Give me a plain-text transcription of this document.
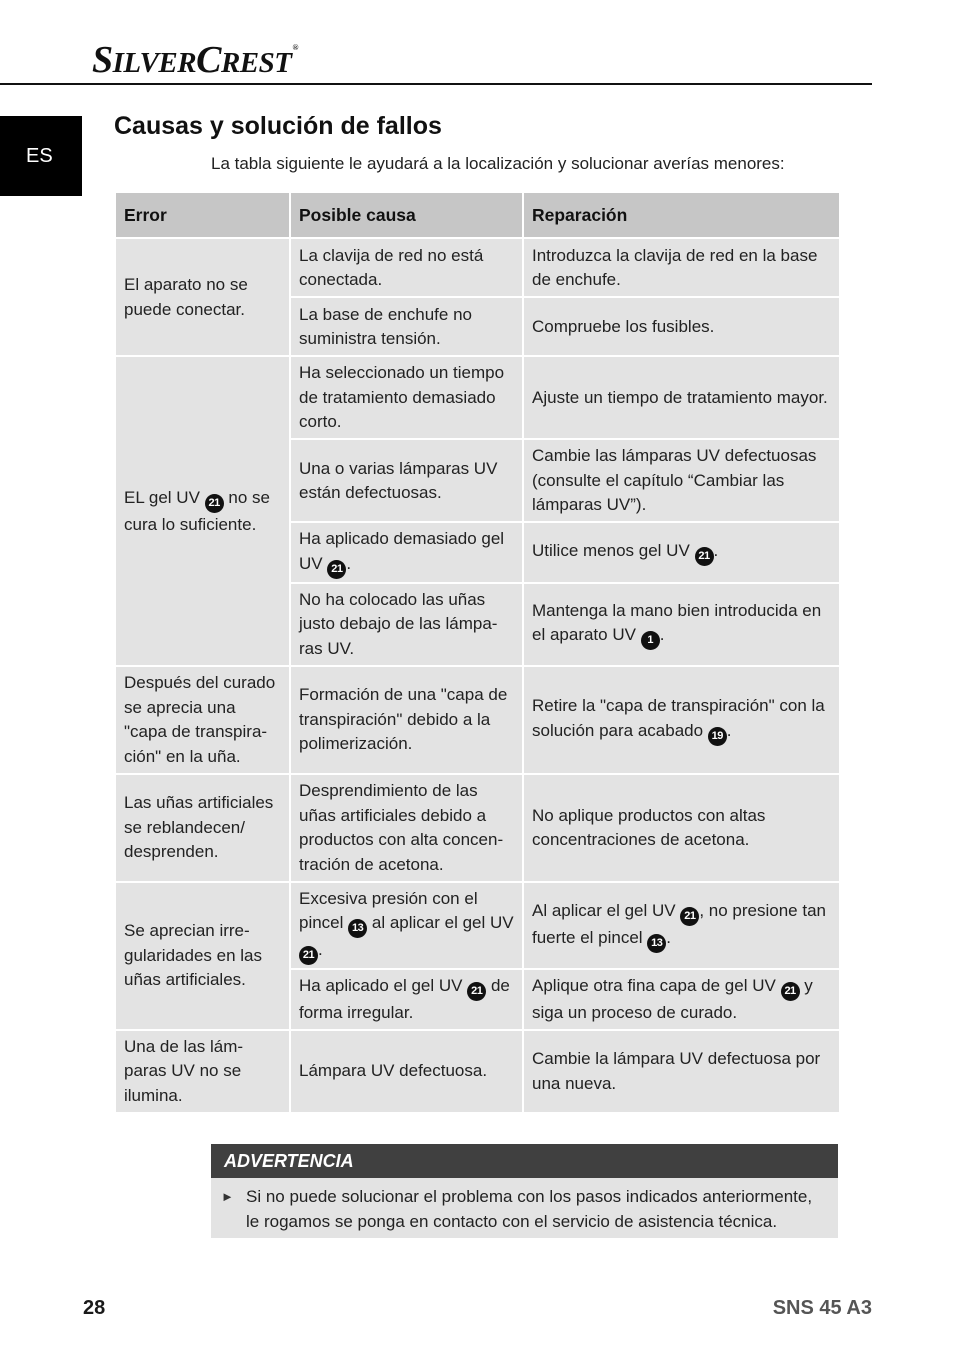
SILVERCREST®
ES
Causas y solución de fallos

La tabla siguiente le ayudará a la localización y solucionar averías menores:

Error	Posible causa	Reparación
El aparato no se puede conectar.	La clavija de red no está conectada.	Introduzca la clavija de red en la base de enchufe.
	La base de enchufe no suministra tensión.	Compruebe los fusibles.
EL gel UV 21 no se cura lo suficiente.	Ha seleccionado un tiempo de tratamiento demasiado corto.	Ajuste un tiempo de tratamiento mayor.
	Una o varias lámparas UV están defectuosas.	Cambie las lámparas UV defectuosas (consulte el capítulo “Cambiar las lámparas UV”).
	Ha aplicado demasiado gel UV 21 .	Utilice menos gel UV 21 .
	No ha colocado las uñas justo debajo de las lámpa-ras UV.	Mantenga la mano bien introducida en el aparato UV 1 .
Después del curado se aprecia una "capa de transpira-ción" en la uña.	Formación de una "capa de transpiración" debido a la polimerización.	Retire la "capa de transpiración" con la solución para acabado 19 .
Las uñas artificiales se reblandecen/ desprenden.	Desprendimiento de las uñas artificiales debido a productos con alta concen-tración de acetona.	No aplique productos con altas concentraciones de acetona.
Se aprecian irre-gularidades en las uñas artificiales.	Excesiva presión con el pincel 13 al aplicar el gel UV 21 .	Al aplicar el gel UV 21 , no presione tan fuerte el pincel 13 .
	Ha aplicado el gel UV 21 de forma irregular.	Aplique otra fina capa de gel UV 21 y siga un proceso de curado.
Una de las lám-paras UV no se ilumina.	Lámpara UV defectuosa.	Cambie la lámpara UV defectuosa por una nueva.
ADVERTENCIA
► Si no puede solucionar el problema con los pasos indicados anteriormente, le rogamos se ponga en contacto con el servicio de asistencia técnica.
28	SNS 45 A3
